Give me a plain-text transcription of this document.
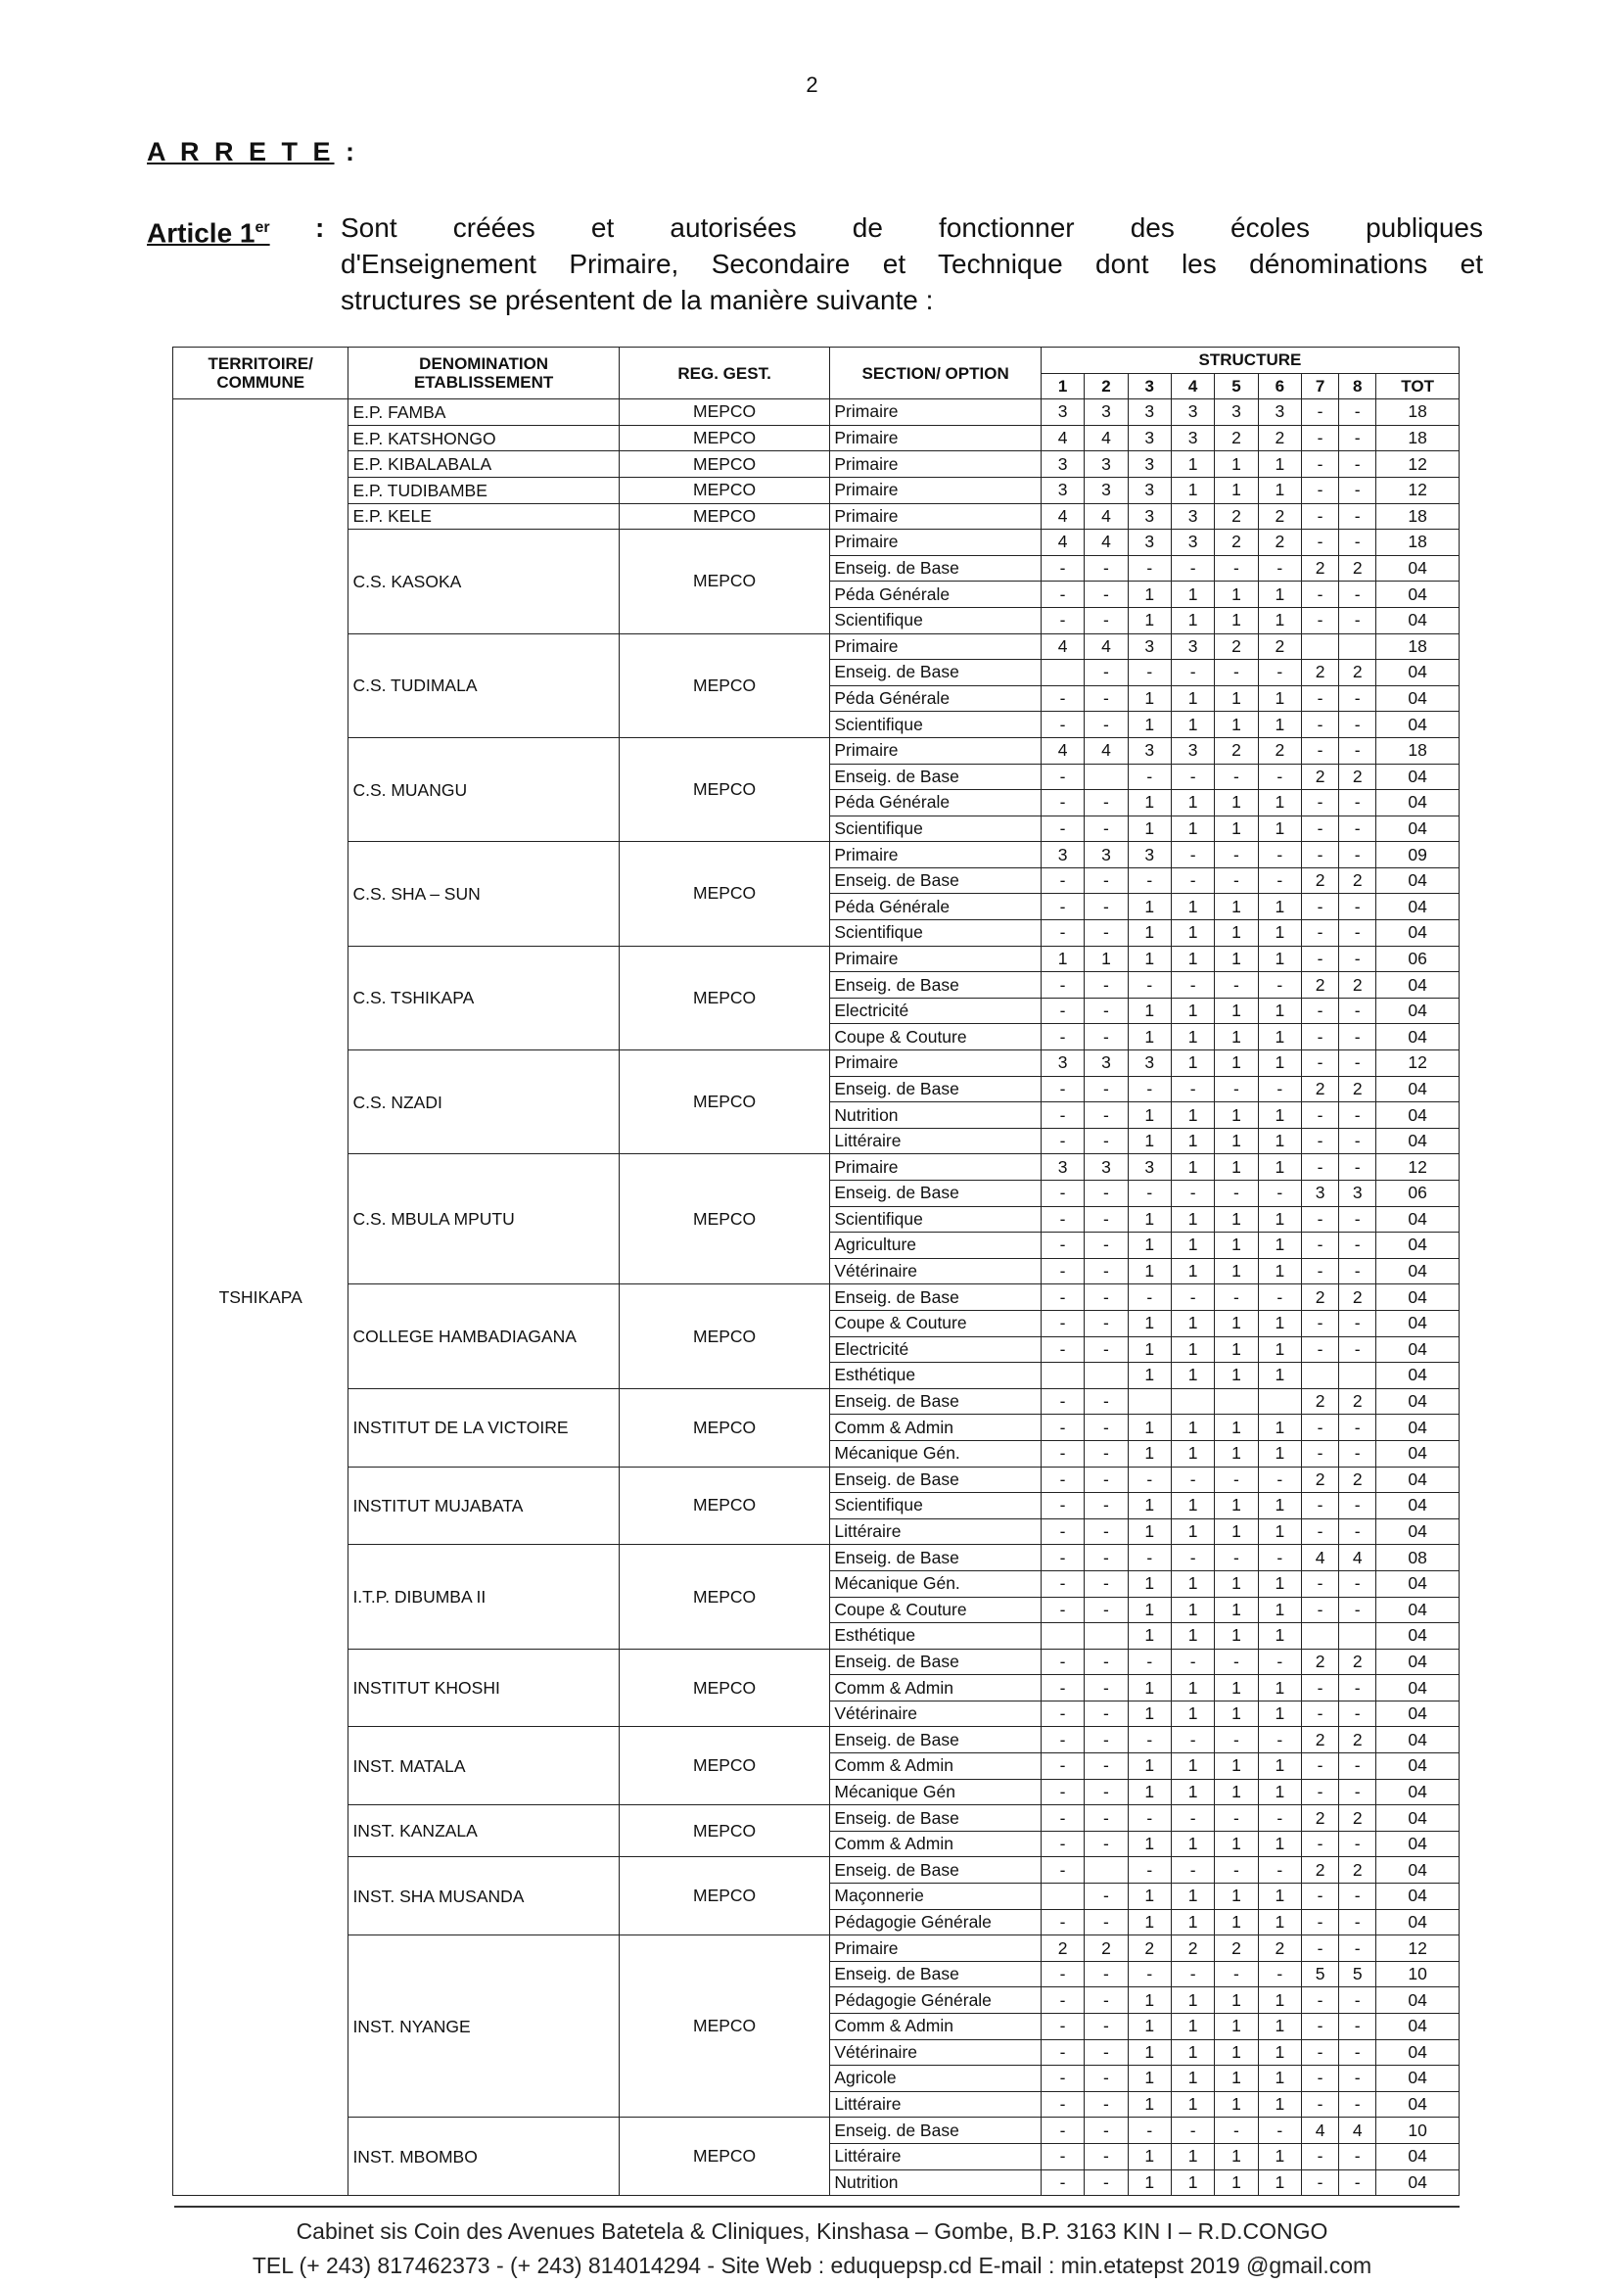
2
A R R E T E :
Article 1er : Sont créées et autorisées de fonctionner des écoles publiques
d'Enseignement Primaire, Secondaire et Technique dont les dénominations et
structures se présentent de la manière suivante :
TERRITOIRE/ COMMUNE	DENOMINATION ETABLISSEMENT	REG. GEST.	SECTION/ OPTION	STRUCTURE								
				1	2	3	4	5	6	7	8	TOT
TSHIKAPA	E.P. FAMBA	MEPCO	Primaire	3	3	3	3	3	3	-	-	18
	E.P. KATSHONGO	MEPCO	Primaire	4	4	3	3	2	2	-	-	18
	E.P. KIBALABALA	MEPCO	Primaire	3	3	3	1	1	1	-	-	12
	E.P. TUDIBAMBE	MEPCO	Primaire	3	3	3	1	1	1	-	-	12
	E.P. KELE	MEPCO	Primaire	4	4	3	3	2	2	-	-	18
	C.S. KASOKA	MEPCO	Primaire	4	4	3	3	2	2	-	-	18
			Enseig. de Base	-	-	-	-	-	-	2	2	04
			Péda Générale	-	-	1	1	1	1	-	-	04
			Scientifique	-	-	1	1	1	1	-	-	04
	C.S. TUDIMALA	MEPCO	Primaire	4	4	3	3	2	2			18
			Enseig. de Base		-	-	-	-	-	2	2	04
			Péda Générale	-	-	1	1	1	1	-	-	04
			Scientifique	-	-	1	1	1	1	-	-	04
	C.S. MUANGU	MEPCO	Primaire	4	4	3	3	2	2	-	-	18
			Enseig. de Base	-		-	-	-	-	2	2	04
			Péda Générale	-	-	1	1	1	1	-	-	04
			Scientifique	-	-	1	1	1	1	-	-	04
	C.S. SHA – SUN	MEPCO	Primaire	3	3	3	-	-	-	-	-	09
			Enseig. de Base	-	-	-	-	-	-	2	2	04
			Péda Générale	-	-	1	1	1	1	-	-	04
			Scientifique	-	-	1	1	1	1	-	-	04
	C.S. TSHIKAPA	MEPCO	Primaire	1	1	1	1	1	1	-	-	06
			Enseig. de Base	-	-	-	-	-	-	2	2	04
			Electricité	-	-	1	1	1	1	-	-	04
			Coupe & Couture	-	-	1	1	1	1	-	-	04
	C.S. NZADI	MEPCO	Primaire	3	3	3	1	1	1	-	-	12
			Enseig. de Base	-	-	-	-	-	-	2	2	04
			Nutrition	-	-	1	1	1	1	-	-	04
			Littéraire	-	-	1	1	1	1	-	-	04
	C.S. MBULA MPUTU	MEPCO	Primaire	3	3	3	1	1	1	-	-	12
			Enseig. de Base	-	-	-	-	-	-	3	3	06
			Scientifique	-	-	1	1	1	1	-	-	04
			Agriculture	-	-	1	1	1	1	-	-	04
			Vétérinaire	-	-	1	1	1	1	-	-	04
	COLLEGE HAMBADIAGANA	MEPCO	Enseig. de Base	-	-	-	-	-	-	2	2	04
			Coupe & Couture	-	-	1	1	1	1	-	-	04
			Electricité	-	-	1	1	1	1	-	-	04
			Esthétique			1	1	1	1			04
	INSTITUT DE LA VICTOIRE	MEPCO	Enseig. de Base	-	-					2	2	04
			Comm & Admin	-	-	1	1	1	1	-	-	04
			Mécanique Gén.	-	-	1	1	1	1	-	-	04
	INSTITUT MUJABATA	MEPCO	Enseig. de Base	-	-	-	-	-	-	2	2	04
			Scientifique	-	-	1	1	1	1	-	-	04
			Littéraire	-	-	1	1	1	1	-	-	04
	I.T.P. DIBUMBA II	MEPCO	Enseig. de Base	-	-	-	-	-	-	4	4	08
			Mécanique Gén.	-	-	1	1	1	1	-	-	04
			Coupe & Couture	-	-	1	1	1	1	-	-	04
			Esthétique			1	1	1	1			04
	INSTITUT KHOSHI	MEPCO	Enseig. de Base	-	-	-	-	-	-	2	2	04
			Comm & Admin	-	-	1	1	1	1	-	-	04
			Vétérinaire	-	-	1	1	1	1	-	-	04
	INST. MATALA	MEPCO	Enseig. de Base	-	-	-	-	-	-	2	2	04
			Comm & Admin	-	-	1	1	1	1	-	-	04
			Mécanique Gén	-	-	1	1	1	1	-	-	04
	INST. KANZALA	MEPCO	Enseig. de Base	-	-	-	-	-	-	2	2	04
			Comm & Admin	-	-	1	1	1	1	-	-	04
	INST. SHA MUSANDA	MEPCO	Enseig. de Base	-		-	-	-	-	2	2	04
			Maçonnerie		-	1	1	1	1	-	-	04
			Pédagogie Générale	-	-	1	1	1	1	-	-	04
	INST. NYANGE	MEPCO	Primaire	2	2	2	2	2	2	-	-	12
			Enseig. de Base	-	-	-	-	-	-	5	5	10
			Pédagogie Générale	-	-	1	1	1	1	-	-	04
			Comm & Admin	-	-	1	1	1	1	-	-	04
			Vétérinaire	-	-	1	1	1	1	-	-	04
			Agricole	-	-	1	1	1	1	-	-	04
			Littéraire	-	-	1	1	1	1	-	-	04
	INST. MBOMBO	MEPCO	Enseig. de Base	-	-	-	-	-	-	4	4	10
			Littéraire	-	-	1	1	1	1	-	-	04
			Nutrition	-	-	1	1	1	1	-	-	04
Cabinet sis Coin des Avenues Batetela & Cliniques, Kinshasa – Gombe, B.P. 3163 KIN I – R.D.CONGO
TEL (+ 243) 817462373 - (+ 243) 814014294 - Site Web : eduquepsp.cd E-mail : min.etatepst 2019 @gmail.com
